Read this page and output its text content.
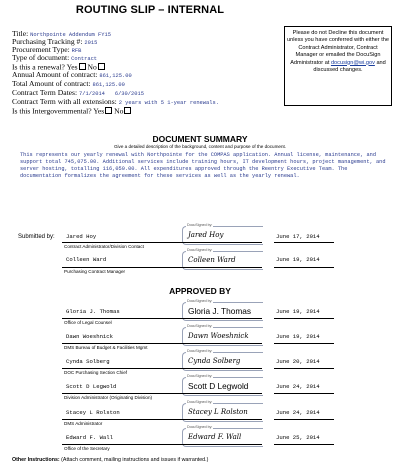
ROUTING SLIP – INTERNAL
Please do not Decline this document unless you have conferred with either the Contract Administrator, Contract Manager or emailed the DocuSign Administrator at docusign@wi.gov and discussed changes.
Title: Northpointe Addendum FY15
Purchasing Tracking #: 2015
Procurement Type: RFB
Type of document: Contract
Is this a renewal? Yes No
Annual Amount of contract: 861,125.00
Total Amount of contract: 861,125.00
Contract Term Dates: 7/1/2014 6/30/2015
Contract Term with all extensions: 2 years with 5 1-year renewals.
Is this Intergovernmental? Yes No
DOCUMENT SUMMARY
Give a detailed description of the background, content and purpose of the document.
This represents our yearly renewal with Northpointe for the COMPAS application. Annual license, maintenance, and support total 745,075.00. Additional services include training hours, IT development hours, project management, and server hosting, totalling 116,050.00. All expenditures approved through the Reentry Executive Team. The documentation formalizes the agreement for these services as well as the yearly renewal.
Submitted by: Jared Hoy
DocuSigned by:
Jared Hoy
Contract Administrator/Division Contact
June 17, 2014
Colleen Ward
DocuSigned by:
Colleen Ward
Purchasing Contract Manager
June 19, 2014
APPROVED BY
Gloria J. Thomas
DocuSigned by:
Gloria J. Thomas
Office of Legal Counsel
June 19, 2014
Dawn Woeshnick
DocuSigned by:
Dawn Woeshnick
DMS Bureau of Budget & Facilities Mgmt
June 19, 2014
Cynda Solberg
DocuSigned by:
Cynda Solberg
DOC Purchasing Section Chief
June 20, 2014
Scott D Legwold
DocuSigned by:
Scott D Legwold
Division Administrator (Originating Division)
June 24, 2014
Stacey L Rolston
DocuSigned by:
Stacey L Rolston
DMS Administrator
June 24, 2014
Edward F. Wall
DocuSigned by:
Edward F. Wall
Office of the Secretary
June 25, 2014
Other Instructions: (Attach comment, mailing instructions and issues if warranted.)
